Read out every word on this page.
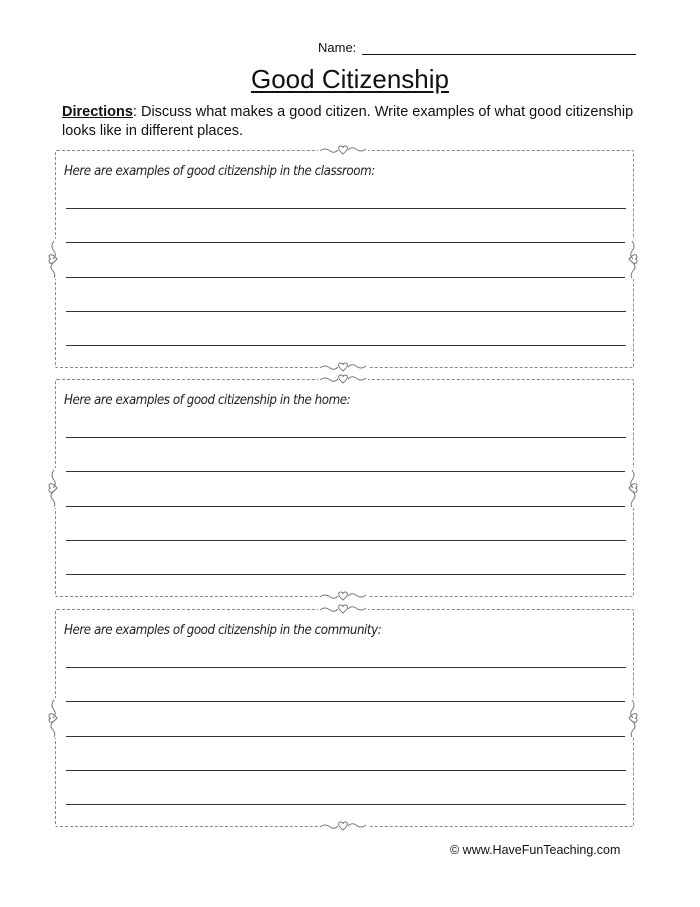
Name:
Good Citizenship
Directions: Discuss what makes a good citizen. Write examples of what good citizenship looks like in different places.
Here are examples of good citizenship in the classroom:
Here are examples of good citizenship in the home:
Here are examples of good citizenship in the community:
© www.HaveFunTeaching.com
